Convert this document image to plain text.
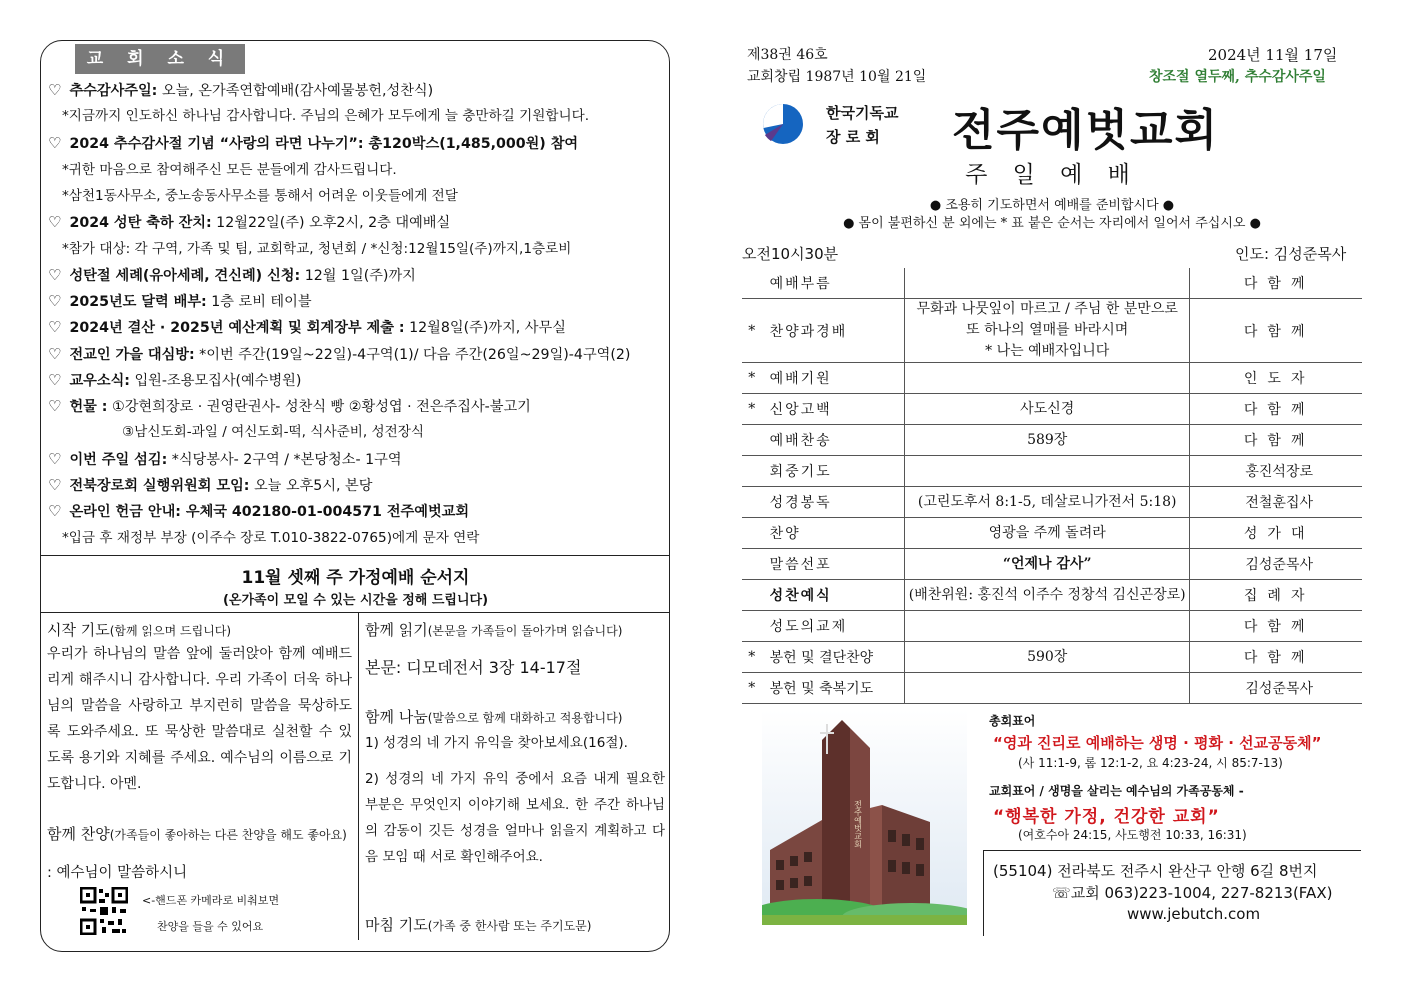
교 회 소 식
♡ 추수감사주일: 오늘, 온가족연합예배(감사예물봉헌,성찬식)
*지금까지 인도하신 하나님 감사합니다. 주님의 은혜가 모두에게 늘 충만하길 기원합니다.
♡ 2024 추수감사절 기념 “사랑의 라면 나누기”: 총120박스(1,485,000원) 참여
*귀한 마음으로 참여해주신 모든 분들에게 감사드립니다.
*삼천1동사무소, 중노송동사무소를 통해서 어려운 이웃들에게 전달
♡ 2024 성탄 축하 잔치: 12월22일(주) 오후2시, 2층 대예배실
*참가 대상: 각 구역, 가족 및 팀, 교회학교, 청년회 / *신청:12월15일(주)까지,1층로비
♡ 성탄절 세례(유아세례, 견신례) 신청: 12월 1일(주)까지
♡ 2025년도 달력 배부: 1층 로비 테이블
♡ 2024년 결산 · 2025년 예산계획 및 회계장부 제출 : 12월8일(주)까지, 사무실
♡ 전교인 가을 대심방: *이번 주간(19일~22일)-4구역(1)/ 다음 주간(26일~29일)-4구역(2)
♡ 교우소식: 입원-조용모집사(예수병원)
♡ 헌물 : ①강현희장로 · 권영란권사- 성찬식 빵 ②황성엽 · 전은주집사-불고기
③남신도회-과일 / 여신도회-떡, 식사준비, 성전장식
♡ 이번 주일 섬김: *식당봉사- 2구역 / *본당청소- 1구역
♡ 전북장로회 실행위원회 모임: 오늘 오후5시, 본당
♡ 온라인 헌금 안내: 우체국 402180-01-004571 전주예벗교회
*입금 후 재정부 부장 (이주수 장로 T.010-3822-0765)에게 문자 연락
11월 셋째 주 가정예배 순서지
(온가족이 모일 수 있는 시간을 정해 드립니다)
시작 기도(함께 읽으며 드립니다)
우리가 하나님의 말씀 앞에 둘러앉아 함께 예배드리게 해주시니 감사합니다. 우리 가족이 더욱 하나님의 말씀을 사랑하고 부지런히 말씀을 묵상하도록 도와주세요. 또 묵상한 말씀대로 실천할 수 있도록 용기와 지혜를 주세요. 예수님의 이름으로 기도합니다. 아멘.
함께 찬양(가족들이 좋아하는 다른 찬양을 해도 좋아요)
: 예수님이 말씀하시니
<-핸드폰 카메라로 비춰보면
찬양을 들을 수 있어요
함께 읽기(본문을 가족들이 돌아가며 읽습니다)
본문: 디모데전서 3장 14-17절
함께 나눔(말씀으로 함께 대화하고 적용합니다)
1) 성경의 네 가지 유익을 찾아보세요(16절).
2) 성경의 네 가지 유익 중에서 요즘 내게 필요한 부분은 무엇인지 이야기해 보세요. 한 주간 하나님의 감동이 깃든 성경을 얼마나 읽을지 계획하고 다음 모임 때 서로 확인해주어요.
마침 기도(가족 중 한사람 또는 주기도문)
제38권 46호
교회창립 1987년 10월 21일
2024년 11월 17일
창조절 열두째, 추수감사주일
한국기독교
장 로 회 전주예벗교회
주 일 예 배
● 조용히 기도하면서 예배를 준비합시다 ●
● 몸이 불편하신 분 외에는 * 표 붙은 순서는 자리에서 일어서 주십시오 ●
오전10시30분	인도: 김성준목사
	예배부름		다함께
*	찬양과경배	무화과 나뭇잎이 마르고 / 주님 한 분만으로
또 하나의 열매를 바라시며
* 나는 예배자입니다	다함께
*	예배기원		인도자
*	신앙고백	사도신경	다함께
	예배찬송	589장	다함께
	회중기도		홍진석장로
	성경봉독	(고린도후서 8:1-5, 데살로니가전서 5:18)	전철훈집사
	찬양	영광을 주께 돌려라	성가대
	말씀선포	“언제나 감사”	김성준목사
	성찬예식	(배찬위원: 홍진석 이주수 정창석 김신곤장로)	집례자
	성도의교제		다함께
*	봉헌 및 결단찬양	590장	다함께
*	봉헌 및 축복기도		김성준목사
전주예벗교회
총회표어
“영과 진리로 예배하는 생명 · 평화 · 선교공동체”
(사 11:1-9, 롬 12:1-2, 요 4:23-24, 시 85:7-13)
교회표어 / 생명을 살리는 예수님의 가족공동체 -
“행복한 가정, 건강한 교회”
(여호수아 24:15, 사도행전 10:33, 16:31)
(55104) 전라북도 전주시 완산구 안행 6길 8번지
☏교회 063)223-1004, 227-8213(FAX)
www.jebutch.com
